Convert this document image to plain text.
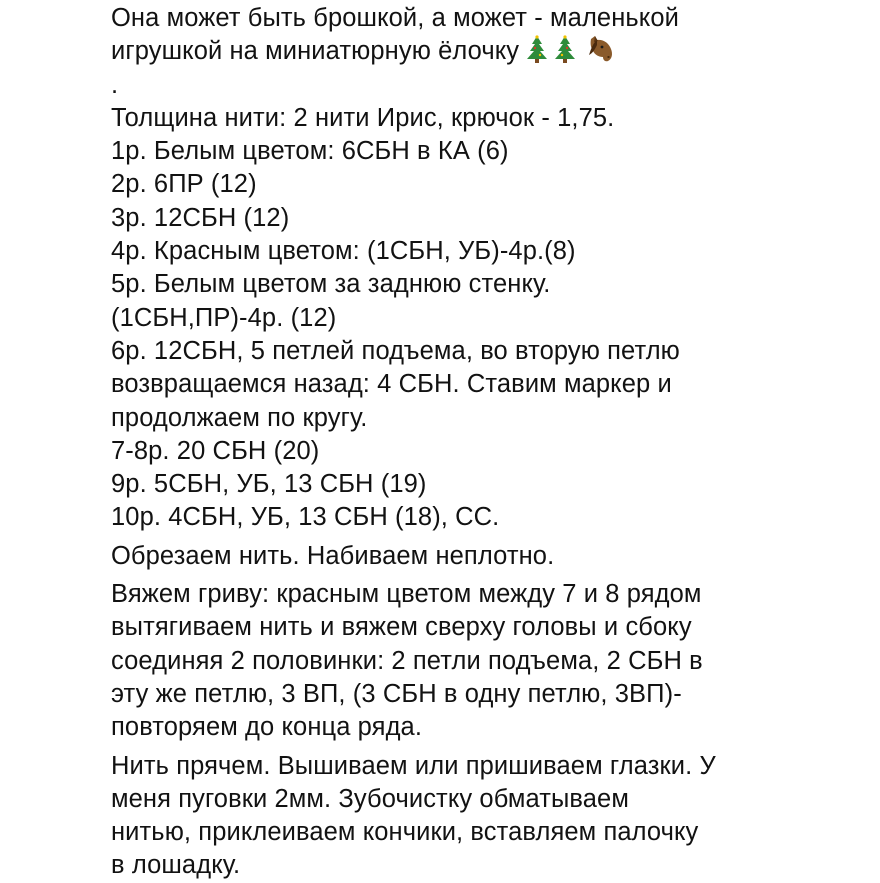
Она может быть брошкой, а может - маленькой
игрушкой на миниатюрную ёлочку
.
Толщина нити: 2 нити Ирис, крючок - 1,75.
1р. Белым цветом: 6СБН в КА (6)
2р. 6ПР (12)
3р. 12СБН (12)
4р. Красным цветом: (1СБН, УБ)-4р.(8)
5р. Белым цветом за заднюю стенку.
(1СБН,ПР)-4р. (12)
6р. 12СБН, 5 петлей подъема, во вторую петлю
возвращаемся назад: 4 СБН. Ставим маркер и
продолжаем по кругу.
7-8р. 20 СБН (20)
9р. 5СБН, УБ, 13 СБН (19)
10р. 4СБН, УБ, 13 СБН (18), СС.
Обрезаем нить. Набиваем неплотно.
Вяжем гриву: красным цветом между 7 и 8 рядом
вытягиваем нить и вяжем сверху головы и сбоку
соединяя 2 половинки: 2 петли подъема, 2 СБН в
эту же петлю, 3 ВП, (3 СБН в одну петлю, 3ВП)-
повторяем до конца ряда.
Нить прячем. Вышиваем или пришиваем глазки. У
меня пуговки 2мм. Зубочистку обматываем
нитью, приклеиваем кончики, вставляем палочку
в лошадку.
